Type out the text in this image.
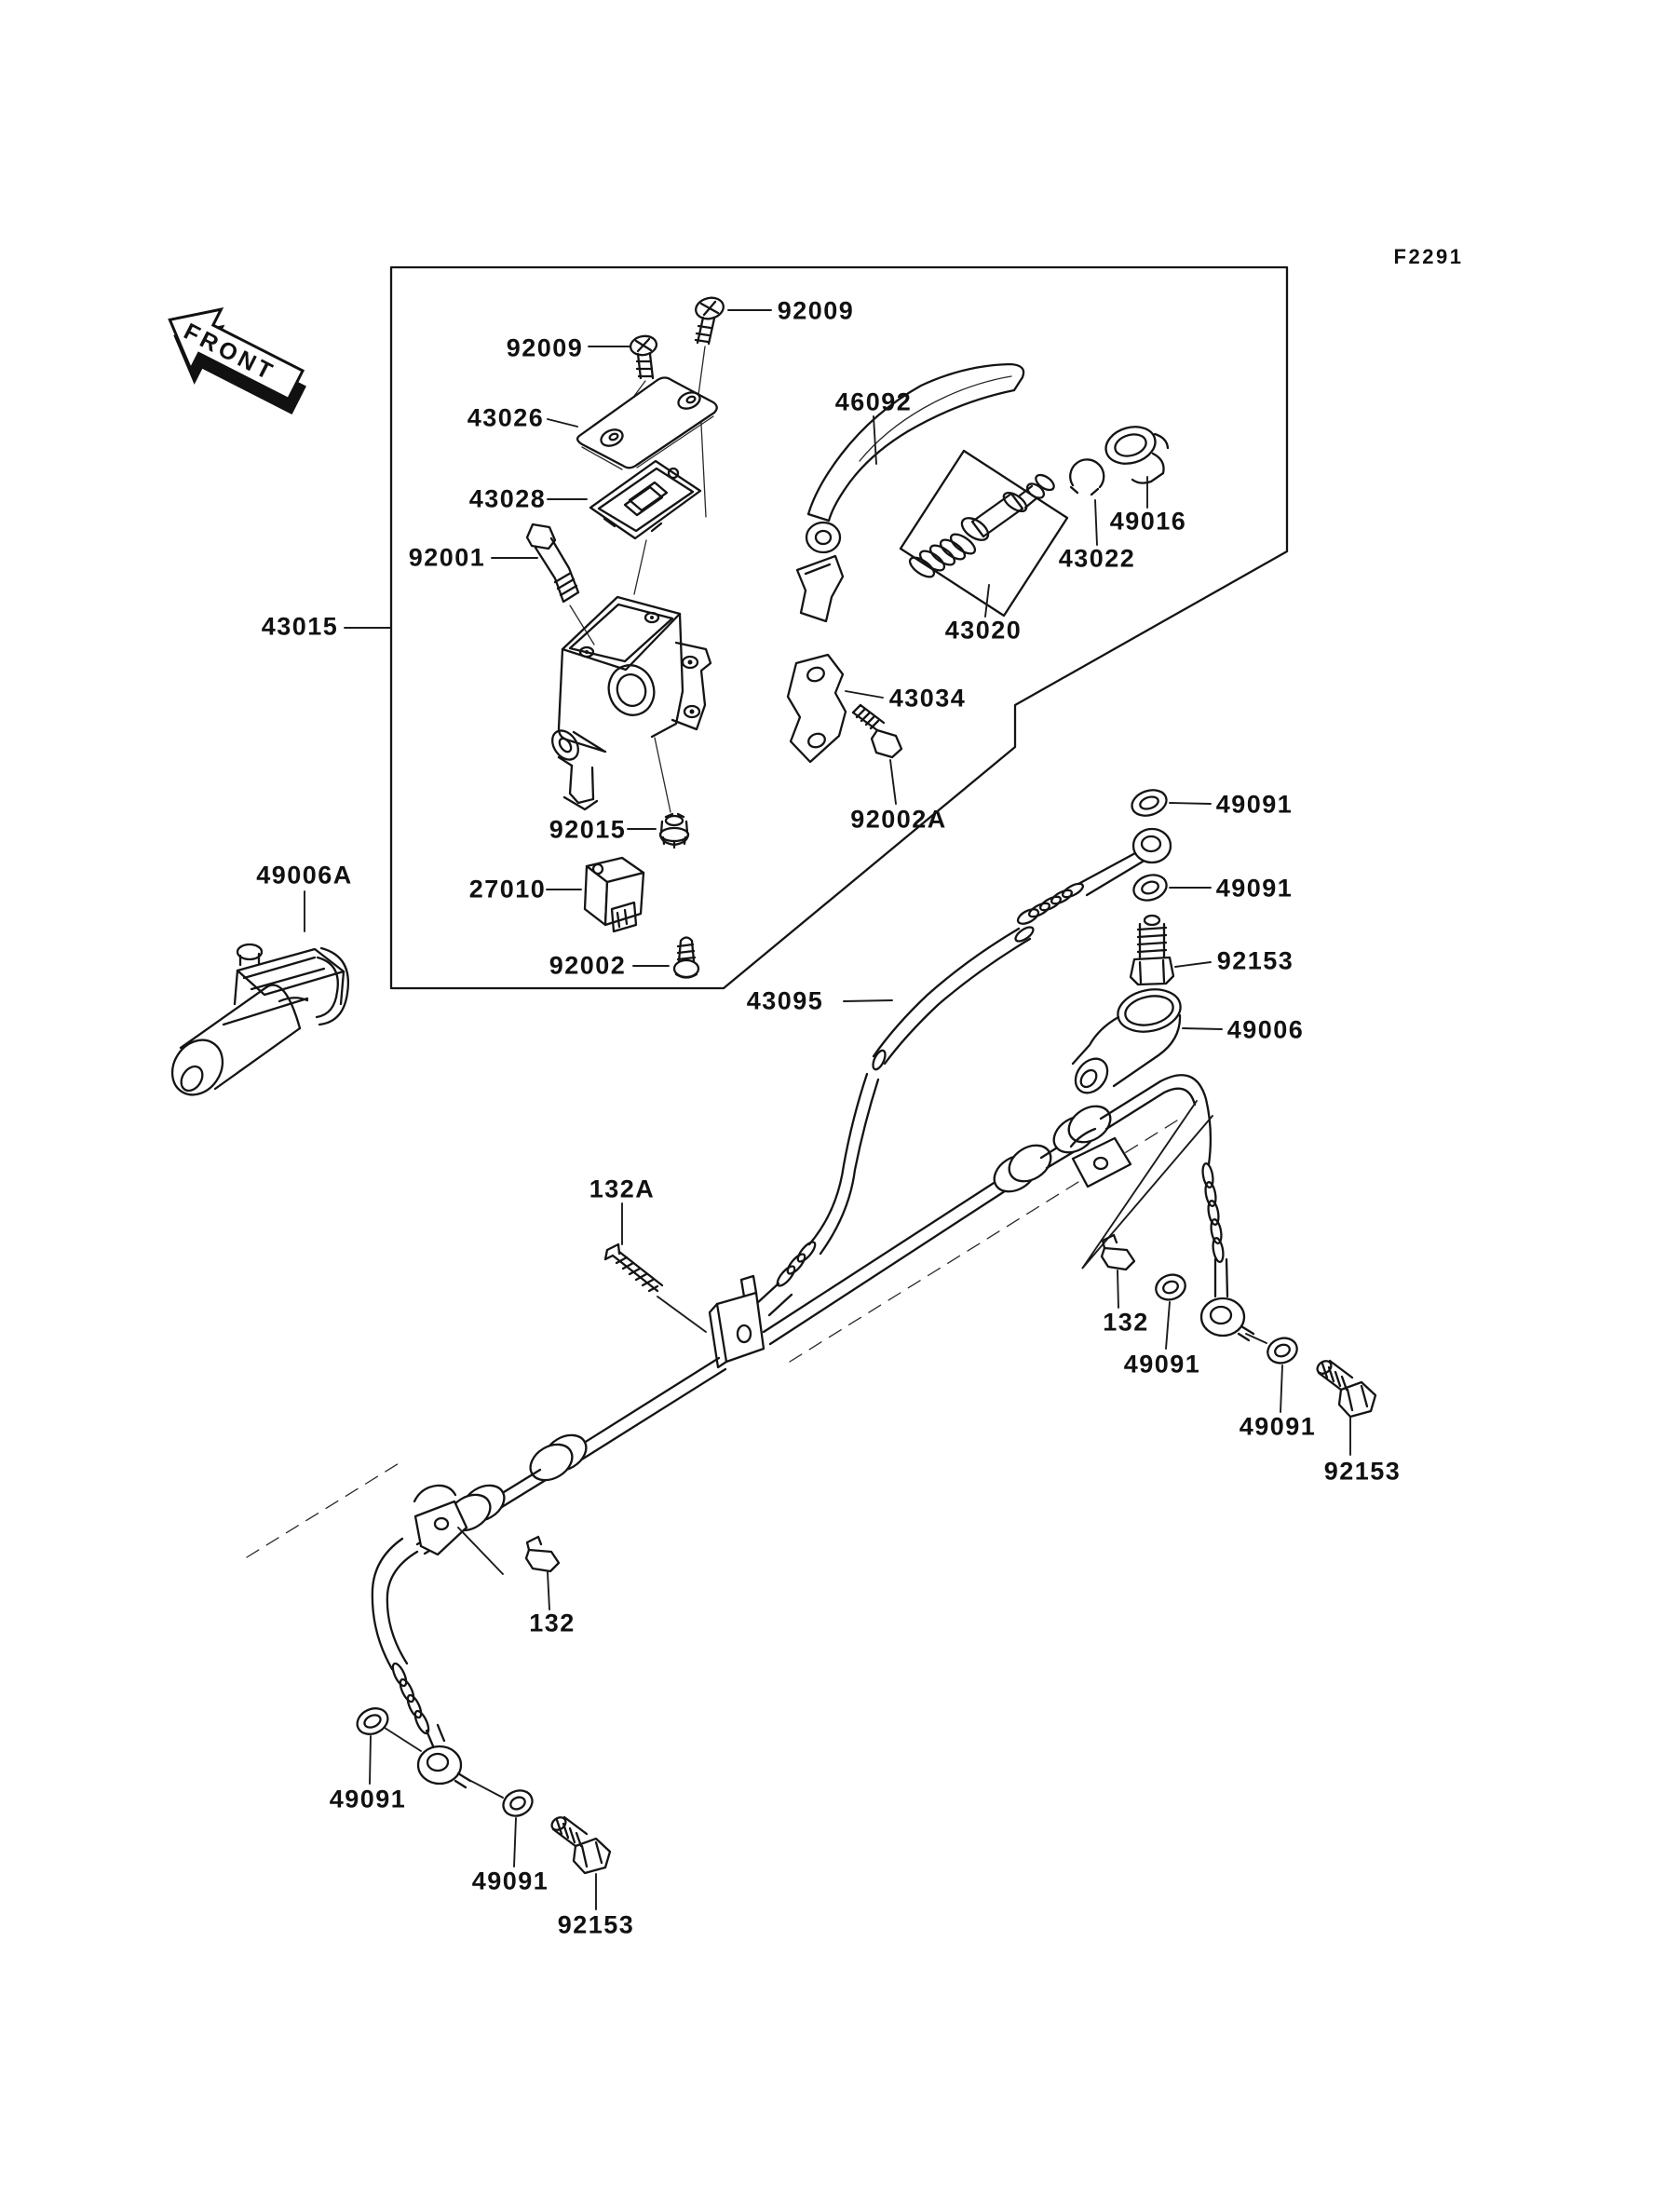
FRONT
F2291
92009
92009
43026
43028
92001
43015
46092
49016
43022
43020
43034
92002A
92015
27010
92002
49006A
43095
49091
49091
92153
49006
132A
132
49091
49091
92153
132
49091
49091
92153
